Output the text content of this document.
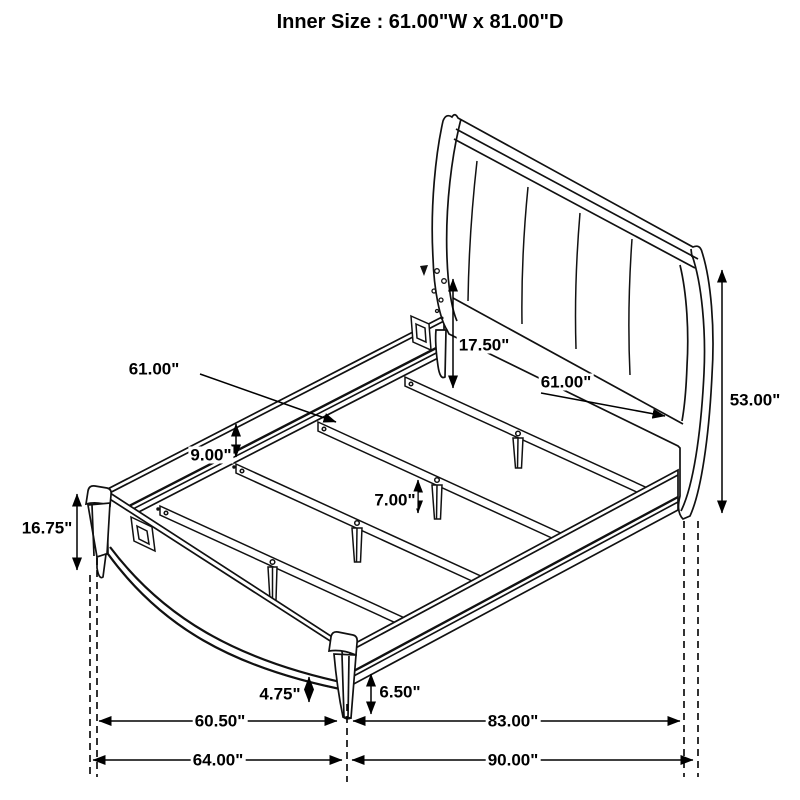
Inner Size : 61.00"W x 81.00"D
17.50"
61.00"
61.00"
53.00"
9.00"
7.00"
16.75"
4.75"	6.50"
60.50"	83.00"
64.00"	90.00"
